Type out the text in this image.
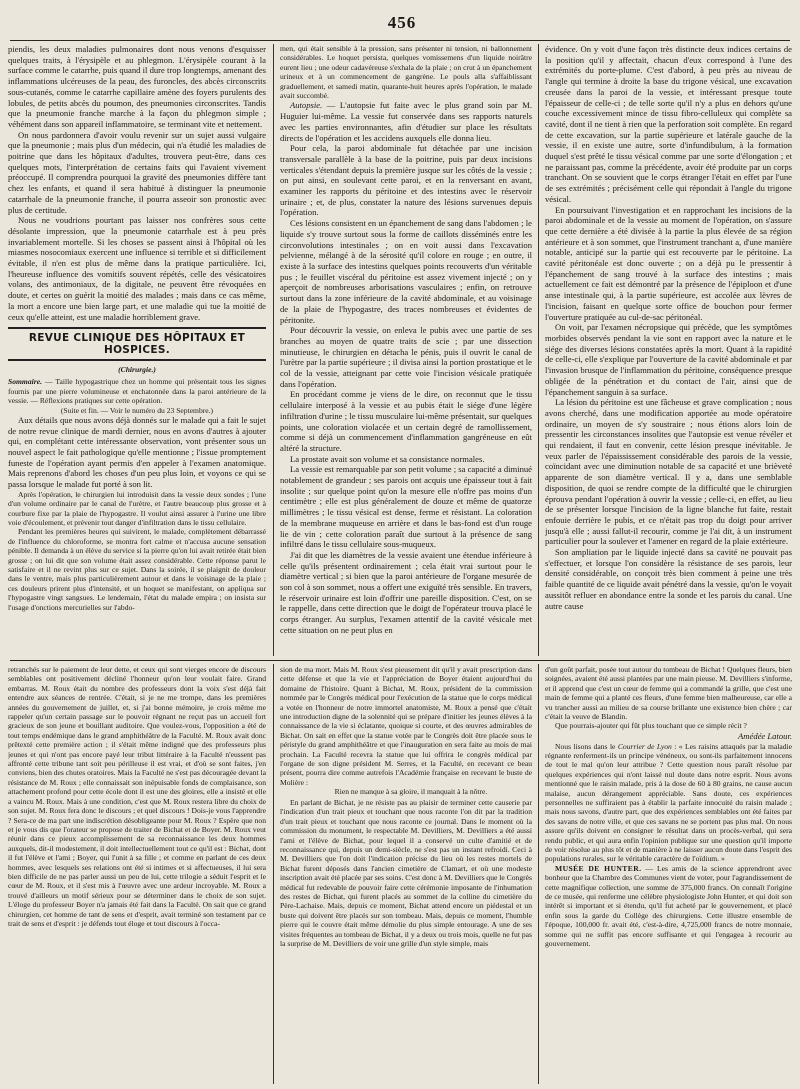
456

piendis, les deux maladies pulmonaires dont nous venons d'esquisser quelques traits, à l'érysipèle et au phlegmon. L'érysipèle courant à la surface comme le catarrhe, puis quand il dure trop longtemps, amenant des inflammations ulcéreuses de la peau, des furoncles, des abcès circonscrits sous-cutanés, comme le catarrhe capillaire amène des foyers purulents des lobules, de petits abcès du poumon, des pneumonies circonscrites. Tandis que la pneumonie franche marche à la façon du phlegmon simple ; véhément dans son appareil inflammatoire, se terminant vite et nettement.

On nous pardonnera d'avoir voulu revenir sur un sujet aussi vulgaire que la pneumonie ; mais plus d'un médecin, qui n'a étudié les maladies de poitrine que dans les hôpitaux d'adultes, trouvera peut-être, dans ces quelques mots, l'interprétation de certains faits qui l'avaient vivement préoccupé. Il comprendra pourquoi la gravité des pneumonies diffère tant chez les enfants, et quand il sera habitué à distinguer la pneumonie catarrhale de la pneumonie franche, il pourra asseoir son pronostic avec plus de certitude.

Nous ne voudrions pourtant pas laisser nos confrères sous cette désolante impression, que la pneumonie catarrhale est à peu près invariablement mortelle. Si les choses se passent ainsi à l'hôpital où les miasmes nosocomiaux exercent une influence si terrible et si difficilement évitable, il n'en est plus de même dans la pratique particulière. Ici, l'heureuse influence des vomitifs souvent répétés, celle des vésicatoires volans, des antimoniaux, de la digitale, ne peuvent être révoquées en doute, et certes on guérit la moitié des malades ; mais dans ce cas même, la mort a encore une bien large part, et une maladie qui tue la moitié de ceux qu'elle atteint, est une maladie horriblement grave.

REVUE CLINIQUE DES HÔPITAUX ET HOSPICES.
(Chirurgie.)

Sommaire. — Taille hypogastrique chez un homme qui présentait tous les signes fournis par une pierre volumineuse et enchatonnée dans la paroi antérieure de la vessie. — Réflexions pratiques sur cette opération.

(Suite et fin. — Voir le numéro du 23 Septembre.)

Aux détails que nous avons déjà donnés sur le malade qui a fait le sujet de notre revue clinique de mardi dernier, nous en avons d'autres à ajouter qui, en complétant cette intéressante observation, vont présenter sous un nouvel aspect le fait pathologique qu'elle mentionne ; l'issue promptement funeste de l'opération ayant permis d'en appeler à l'examen anatomique. Mais reprenons d'abord les choses d'un peu plus loin, et voyons ce qui se passa lorsque le malade fut porté à son lit.

Après l'opération, le chirurgien lui introduisit dans la vessie deux sondes ; l'une d'un volume ordinaire par le canal de l'urètre, et l'autre beaucoup plus grosse et à courbure fixe par la plaie de l'hypogastre. Il voulut ainsi assurer à l'urine une libre voie d'écoulement, et prévenir tout danger d'infiltration dans le tissu cellulaire.

Pendant les premières heures qui suivirent, le malade, complètement débarrassé de l'influence du chloroforme, se montra fort calme et n'accusa aucune sensation pénible. Il demanda à un élève du service si la pierre qu'on lui avait retirée était bien grosse ; on lui dit que son volume était assez considérable. Cette réponse parut le satisfaire et il ne revint plus sur ce sujet. Dans la soirée, il se plaignit de douleur dans le ventre, mais plus particulièrement autour et dans le voisinage de la plaie ; ces douleurs prirent plus d'intensité, et un hoquet se manifestant, on appliqua sur l'hypogastre vingt sangsues. Le lendemain, l'état du malade empira ; on insista sur l'usage d'onctions mercurielles sur l'abdo-

men, qui était sensible à la pression, sans présenter ni tension, ni ballonnement considérables. Le hoquet persista, quelques vomissemens d'un liquide noirâtre eurent lieu ; une odeur cadavéreuse s'exhala de la plaie ; on crut à un épanchement urineux et à un commencement de gangrène. Le pouls alla s'affaiblissant graduellement, et samedi matin, quarante-huit heures après l'opération, le malade avait succombé.

Autopsie. — L'autopsie fut faite avec le plus grand soin par M. Huguier lui-même. La vessie fut conservée dans ses rapports naturels avec les parties environnantes, afin d'étudier sur place les résultats directs de l'opération et les accidens auxquels elle donna lieu.

Pour cela, la paroi abdominale fut détachée par une incision transversale parallèle à la base de la poitrine, puis par deux incisions verticales s'étendant depuis la première jusque sur les côtés de la vessie ; on put ainsi, en soulevant cette paroi, et en la renversant en avant, examiner les rapports du péritoine et des intestins avec le réservoir urinaire ; et, de plus, constater la nature des lésions survenues depuis l'opération.

Ces lésions consistent en un épanchement de sang dans l'abdomen ; le liquide s'y trouve surtout sous la forme de caillots disséminés entre les circonvolutions intestinales ; on en voit aussi dans l'excavation pelvienne, mélangé à de la sérosité qu'il colore en rouge ; en outre, il existe à la surface des intestins quelques points recouverts d'un véritable pus ; le feuillet viscéral du péritoine est assez vivement injecté ; on y aperçoit de nombreuses arborisations vasculaires ; enfin, on retrouve surtout dans la zone inférieure de la cavité abdominale, et au voisinage de la plaie de l'hypogastre, des traces nombreuses et évidentes de péritonite.

Pour découvrir la vessie, on enleva le pubis avec une partie de ses branches au moyen de quatre traits de scie ; par une dissection minutieuse, le chirurgien en détacha le pénis, puis il ouvrit le canal de l'urètre par la partie supérieure ; il divisa ainsi la portion prostatique et le col de la vessie, atteignant par cette voie l'incision vésicale pratiquée dans l'opération.

En procédant comme je viens de le dire, on reconnut que le tissu cellulaire interposé à la vessie et au pubis était le siége d'une légère infiltration d'urine ; le tissu musculaire lui-même présentait, sur quelques points, une coloration violacée et un certain degré de ramollissement, comme si déjà un commencement d'inflammation gangréneuse en eût altéré la structure.

La prostate avait son volume et sa consistance normales.

La vessie est remarquable par son petit volume ; sa capacité a diminué notablement de grandeur ; ses parois ont acquis une épaisseur tout à fait insolite ; sur quelque point qu'on la mesure elle n'offre pas moins d'un centimètre ; elle est plus généralement de douze et même de quatorze millimètres ; le tissu vésical est dense, ferme et résistant. La coloration de la membrane muqueuse en arrière et dans le bas-fond est d'un rouge lie de vin ; cette coloration paraît due surtout à la présence de sang infiltré dans le tissu cellulaire sous-muqueux.

J'ai dit que les diamètres de la vessie avaient une étendue inférieure à celle qu'ils présentent ordinairement ; cela était vrai surtout pour le diamètre vertical ; si bien que la paroi antérieure de l'organe mesurée de son col à son sommet, nous a offert une exiguïté très sensible. En travers, le réservoir urinaire est loin d'offrir une pareille disposition. C'est, on se le rappelle, dans cette direction que le doigt de l'opérateur trouva placé le corps étranger. Au surplus, l'examen attentif de la cavité vésicale met cette situation on ne peut plus en

évidence. On y voit d'une façon très distincte deux indices certains de la position qu'il y affectait, chacun d'eux correspond à l'une des extrémités du porte-plume. C'est d'abord, à peu près au niveau de l'angle qui termine à droite la base du trigone vésical, une excavation creusée dans la paroi de la vessie, et intéressant presque toute l'épaisseur de celle-ci ; de telle sorte qu'il n'y a plus en dehors qu'une couche excessivement mince de tissu fibro-celluleux qui complète sa cavité, dont il ne tient à rien que la perforation soit complète. En regard de cette excavation, sur la partie supérieure et latérale gauche de la vessie, il en existe une autre, sorte d'infundibulum, à la formation duquel s'est prêté le tissu vésical comme par une sorte d'élongation ; et ne paraissant pas, comme la précédente, avoir été produite par un corps tranchant. On se souvient que le corps étranger l'était en effet par l'une de ses extrémités ; précisément celle qui répondait à l'angle du trigone vésical.

En poursuivant l'investigation et en rapprochant les incisions de la paroi abdominale et de la vessie au moment de l'opération, on s'assure que cette dernière a été divisée à la partie la plus élevée de sa région antérieure et à son sommet, que l'instrument tranchant a, d'une manière notable, anticipé sur la partie qui est recouverte par le péritoine. La cavité péritonéale est donc ouverte ; on a déjà pu le pressentir à l'épanchement de sang trouvé à la surface des intestins ; mais actuellement ce fait est démontré par la présence de l'épiploon et d'une anse intestinale qui, à la partie supérieure, est accolée aux lèvres de l'incision, faisant en quelque sorte office de bouchon pour fermer l'ouverture pratiquée au cul-de-sac péritonéal.

On voit, par l'examen nécropsique qui précède, que les symptômes morbides observés pendant la vie sont en rapport avec la nature et le siége des diverses lésions constatées après la mort. Quant à la rapidité de celle-ci, elle s'explique par l'ouverture de la cavité abdominale et par l'invasion brusque de l'inflammation du péritoine, conséquence presque obligée de la pénétration et du contact de l'air, ainsi que de l'épanchement sanguin à sa surface.

La lésion du péritoine est une fâcheuse et grave complication ; nous avons cherché, dans une modification apportée au mode opératoire ordinaire, un moyen de s'y soustraire ; nous étions alors loin de pressentir les circonstances insolites que l'autopsie est venue révéler et qui rendaient, il faut en convenir, cette lésion presque inévitable. Je veux parler de l'épaississement considérable des parois de la vessie, coïncidant avec une diminution notable de sa capacité et une brièveté apparente de son diamètre vertical. Il y a, dans une semblable disposition, de quoi se rendre compte de la difficulté que le chirurgien éprouva pendant l'opération à ouvrir la vessie ; celle-ci, en effet, au lieu de se présenter lorsque l'incision de la ligne blanche fut faite, restait enfouie derrière le pubis, et ce n'était pas trop du doigt pour arriver jusqu'à elle ; aussi fallut-il recourir, comme je l'ai dit, à un instrument particulier pour la soulever et l'amener en regard de la plaie extérieure.

Son ampliation par le liquide injecté dans sa cavité ne pouvait pas s'effectuer, et lorsque l'on considère la résistance de ses parois, leur densité considérable, on conçoit très bien comment à peine une très faible quantité de ce liquide avait pénétré dans la vessie, qu'on le voyait aussitôt refluer en abondance entre la sonde et les parois du canal. Une autre cause

retranchés sur le paiement de leur dette, et ceux qui sont vierges encore de discours semblables ont positivement décliné l'honneur qu'on leur voulait faire. Grand embarras. M. Roux était du nombre des professeurs dont la voix s'est déjà fait entendre aux séances de rentrée. C'était, si je ne me trompe, dans les premières années du gouvernement de juillet, et, si j'ai bonne mémoire, je crois même me rappeler qu'un certain passage sur le pouvoir régnant ne reçut pas un accueil fort gracieux de son jeune et bouillant auditoire. Que voulez-vous, l'opposition a été de tout temps endémique dans le grand amphithéâtre de la Faculté. M. Roux avait donc prêtexté cette première action ; il s'était même indigné que des professeurs plus jeunes et qui n'ont pas encore payé leur tribut littéraire à la Faculté n'eussent pas affronté cette tribune tant soit peu périlleuse il est vrai, et d'où se sont faites, j'en conviens, bien des chutes oratoires. Mais la Faculté ne s'est pas découragée devant la résistance de M. Roux ; elle connaissait son inépuisable fonds de complaisance, son attachement profond pour cette école dont il est une des gloires, elle a insisté et elle a vaincu M. Roux. Mais à une condition, c'est que M. Roux restera libre du choix de son sujet. M. Roux fera donc le discours ; et quel discours ! Dois-je vous l'apprendre ? Sera-ce de ma part une indiscrétion désobligeante pour M. Roux ? Espère que non et je vous dis que l'orateur se propose de traiter de Bichat et de Boyer. M. Roux veut réunir dans ce pieux accomplissement de sa reconnaissance les deux hommes auxquels, dit-il modestement, il doit intellectuellement tout ce qu'il est : Bichat, dont il fut l'élève et l'ami ; Boyer, qui l'unit à sa fille ; et comme en parlant de ces deux hommes, avec lesquels ses relations ont été si intimes et si affectueuses, il lui sera bien difficile de ne pas parler aussi un peu de lui, cette trilogie a séduit l'esprit et le cœur de M. Roux, et il s'est mis à l'œuvre avec une ardeur incroyable. M. Roux a trouvé d'ailleurs un motif sérieux pour se déterminer dans le choix de son sujet. L'éloge du professeur Boyer n'a jamais été fait dans la Faculté. On sait que ce grand chirurgien, cet homme de tant de sens et d'esprit, avait terminé son testament par ce trait de sens et d'esprit : je défends tout éloge et tout discours à l'occa-

sion de ma mort. Mais M. Roux s'est pieusement dit qu'il y avait prescription dans cette défense et que la vie et l'appréciation de Boyer étaient aujourd'hui du domaine de l'histoire. Quant à Bichat, M. Roux, président de la commission nommée par le Congrès médical pour l'exécution de la statue que le corps médical a votée en l'honneur de notre immortel anatomiste, M. Roux a pensé que c'était une introduction digne de la solennité qui se prépare d'initier les jeunes élèves à la connaissance de la vie si éclatante, quoique si courte, et des œuvres admirables de Bichat. On sait en effet que la statue votée par le Congrès doit être placée sous le péristyle du grand amphithéâtre et que l'inauguration en sera faite au mois de mai prochain. La Faculté recevra la statue que lui offrira le congrès médical par l'organe de son digne président M. Serres, et la Faculté, en recevant ce beau présent, pourra dire comme autrefois l'Académie française en recevant le buste de Molière :

Rien ne manque à sa gloire, il manquait à la nôtre.

En parlant de Bichat, je ne résiste pas au plaisir de terminer cette causerie par l'indication d'un trait pieux et touchant que nous raconte l'on dit par la tradition d'un trait pieux et touchant que nous raconte ce journal. Dans le moment où la commission du monument, le respectable M. Devilliers, M. Devilliers a été aussi l'ami et l'élève de Bichat, pour lequel il a conservé un culte d'amitié et de reconnaissance qui, depuis un demi-siècle, ne s'est pas un instant refroidi. Ceci à M. Devilliers que l'on doit l'indication précise du lieu où les restes mortels de Bichat furent déposés dans l'ancien cimetière de Clamart, et où une modeste inscription avait été placée par ses soins. C'est donc à M. Devilliers que le Congrès médical fut redevable de pouvoir faire cette cérémonie imposante de l'inhumation des restes de Bichat, qui furent placés au sommet de la colline du cimetière du Père-Lachaise. Mais, depuis ce moment, Bichat attend encore un piédestal et un buste qui doivent être placés sur son tombeau. Mais, depuis ce moment, l'humble pierre qui le couvre était même démolie du plus simple entourage. A une de ses visites fréquentes au tombeau de Bichat, il y a deux ou trois mois, quelle ne fut pas la surprise de M. Devilliers de voir une grille d'un style simple, mais

d'un goût parfait, posée tout autour du tombeau de Bichat ! Quelques fleurs, bien soignées, avaient été aussi plantées par une main pieuse. M. Devilliers s'informe, et il apprend que c'est un cœur de femme qui a commandé la grille, que c'est une main de femme qui a planté ces fleurs, d'une femme bien malheureuse, car elle a vu trancher aussi au milieu de sa course brillante une existence bien chère ; car c'était la veuve de Blandin.

Que pourrais-ajouter qui fût plus touchant que ce simple récit ?

Amédée Latour.

Nous lisons dans le Courrier de Lyon : « Les raisins attaqués par la maladie régnante renferment-ils un principe vénéneux, ou sont-ils parfaitement innocens de tout le mal qu'on leur attribue ? Cette question nous paraît résolue par quelques expériences qui n'ont laissé nul doute dans notre esprit. Nous avons mentionné que le raisin malade, pris à la dose de 60 à 80 grains, ne cause aucun malaise, aucun dérangement appréciable. Sans doute, ces expériences personnelles ne suffiraient pas à établir la parfaite innocuité du raisin malade ; mais nous savons, d'autre part, que des expériences semblables ont été faites par des savans de notre ville, et que ces savans ne se portent pas plus mal. On nous assure qu'ils doivent en consigner le résultat dans un procès-verbal, qui sera rendu public, et qui aura enfin l'opinion publique sur une question qu'il importe de voir résolue au plus tôt et de manière à ne laisser aucun doute dans l'esprit des populations rurales, sur le véritable caractère de l'oïdium. »

MUSÉE DE HUNTER. — Les amis de la science apprendront avec bonheur que la Chambre des Communes vient de voter, pour l'agrandissement de cette magnifique collection, une somme de 375,000 francs. On connaît l'origine de ce musée, qui renferme une célèbre physiologiste John Hunter, et qui doit son intérêt si important et si étendu, qu'il fut acheté par le gouvernement, et placé enfin sous la garde du Collège des chirurgiens. Cette illustre ensemble de l'époque, 100,000 fr. avait été, c'est-à-dire, 4,725,000 francs de notre monnaie, somme qui ne suffit pas encore suffisante et qui l'engagea à recourir au gouvernement.
